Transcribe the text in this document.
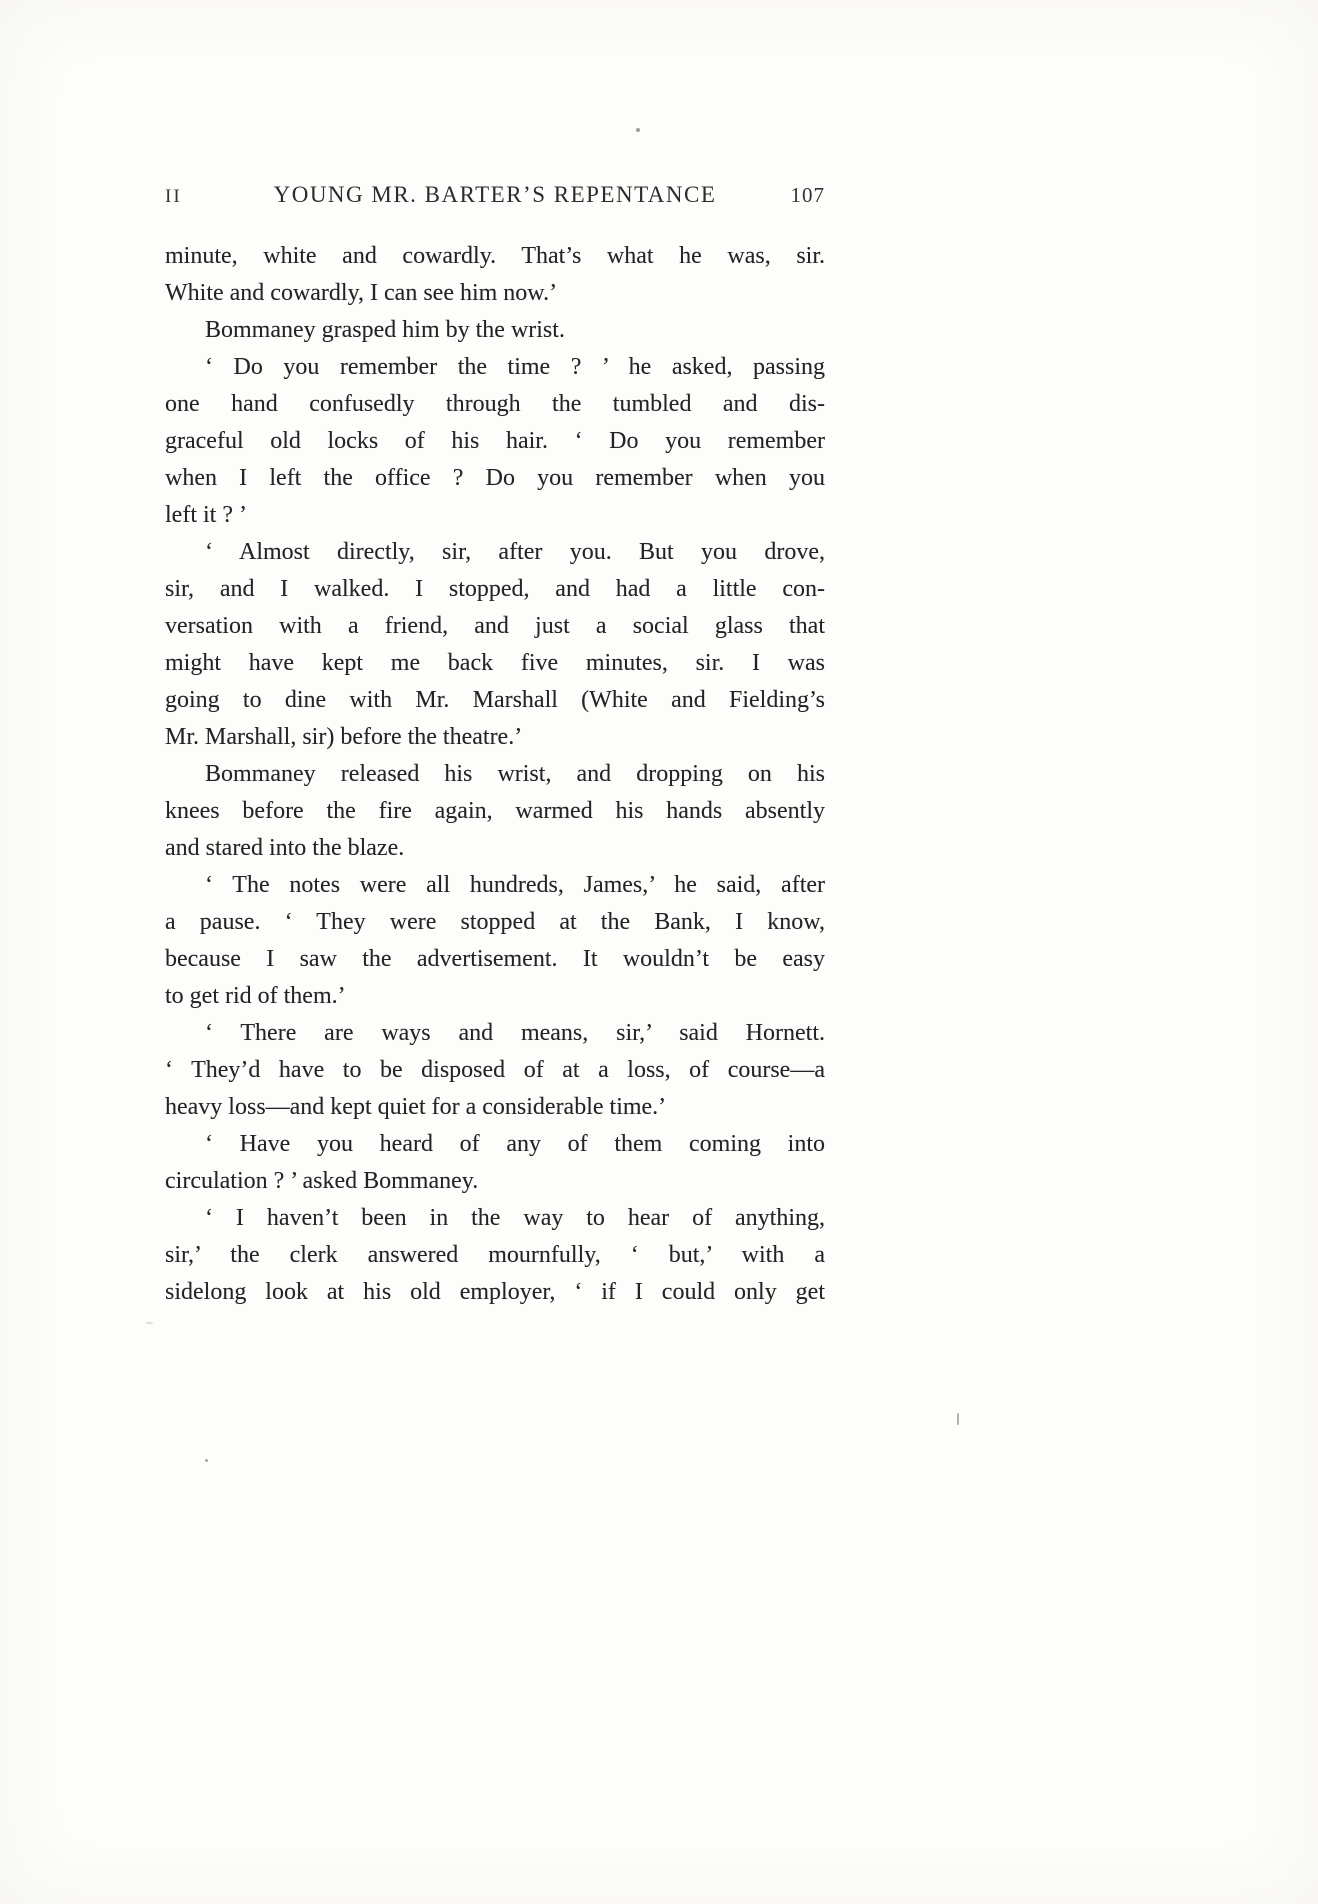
II	YOUNG MR. BARTER’S REPENTANCE	107
minute, white and cowardly. That’s what he was, sir.
White and cowardly, I can see him now.’
Bommaney grasped him by the wrist.
‘ Do you remember the time ? ’ he asked, passing
one hand confusedly through the tumbled and dis-
graceful old locks of his hair. ‘ Do you remember
when I left the office ? Do you remember when you
left it ? ’
‘ Almost directly, sir, after you. But you drove,
sir, and I walked. I stopped, and had a little con-
versation with a friend, and just a social glass that
might have kept me back five minutes, sir. I was
going to dine with Mr. Marshall (White and Fielding’s
Mr. Marshall, sir) before the theatre.’
Bommaney released his wrist, and dropping on his
knees before the fire again, warmed his hands absently
and stared into the blaze.
‘ The notes were all hundreds, James,’ he said, after
a pause. ‘ They were stopped at the Bank, I know,
because I saw the advertisement. It wouldn’t be easy
to get rid of them.’
‘ There are ways and means, sir,’ said Hornett.
‘ They’d have to be disposed of at a loss, of course—a
heavy loss—and kept quiet for a considerable time.’
‘ Have you heard of any of them coming into
circulation ? ’ asked Bommaney.
‘ I haven’t been in the way to hear of anything,
sir,’ the clerk answered mournfully, ‘ but,’ with a
sidelong look at his old employer, ‘ if I could only get
